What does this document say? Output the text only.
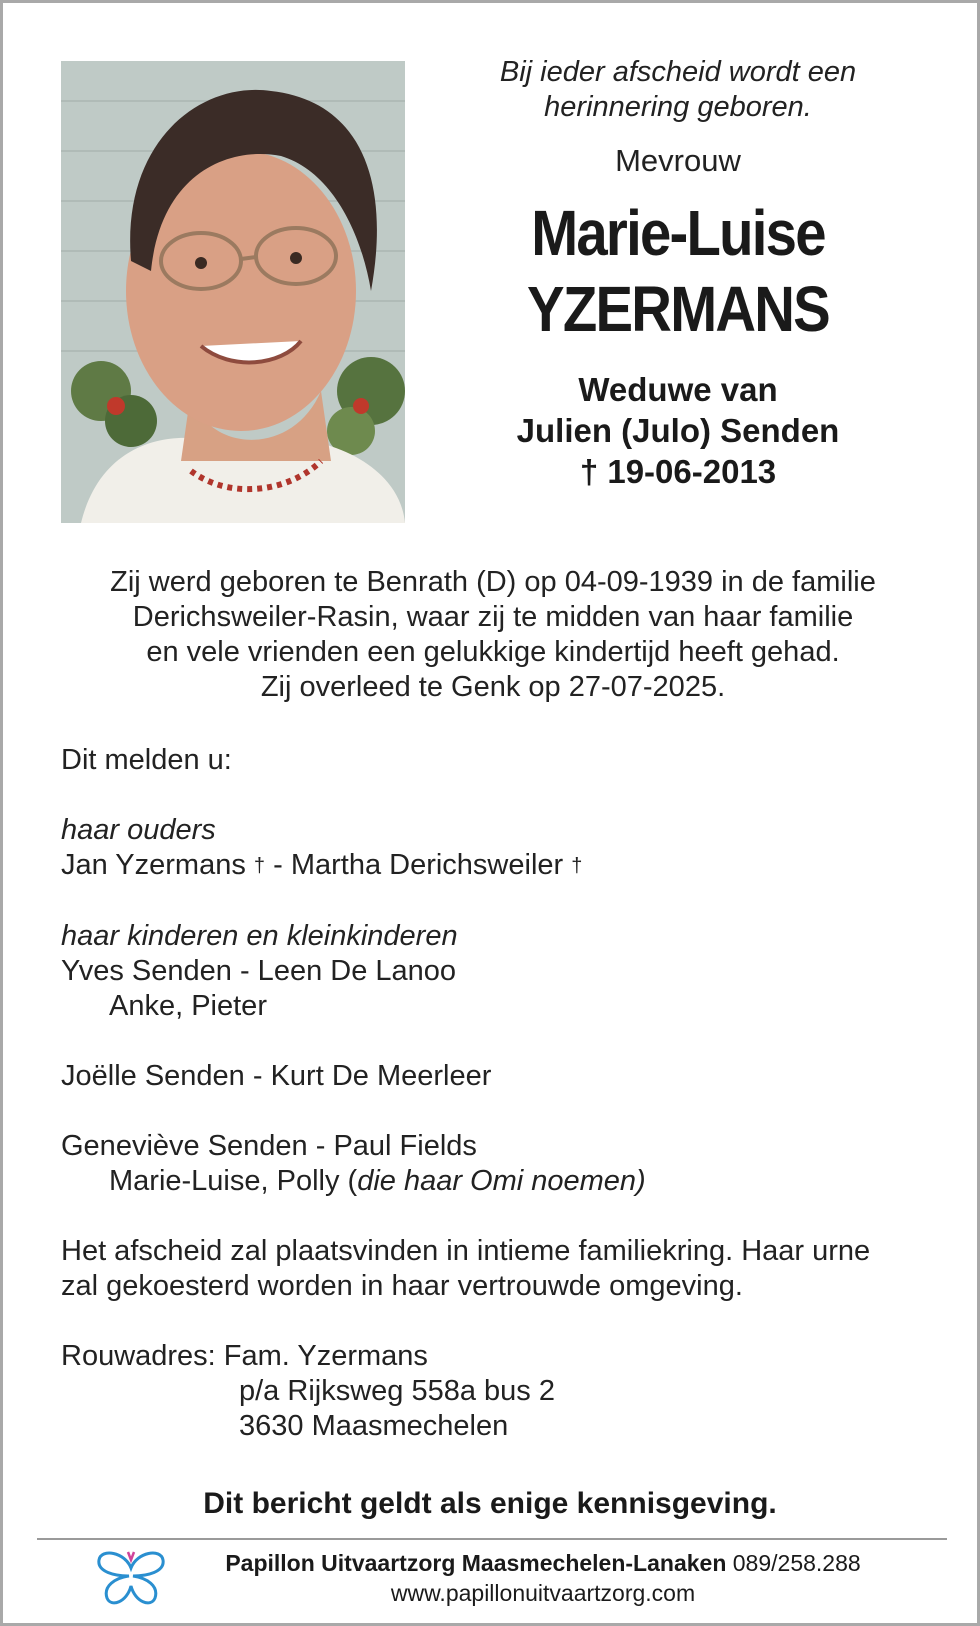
Bij ieder afscheid wordt een
herinnering geboren.
Mevrouw
Marie-Luise
YZERMANS
Weduwe van
Julien (Julo) Senden
† 19-06-2013
Zij werd geboren te Benrath (D) op 04-09-1939 in de familie
Derichsweiler-Rasin, waar zij te midden van haar familie
en vele vrienden een gelukkige kindertijd heeft gehad.
Zij overleed te Genk op 27-07-2025.
Dit melden u:
haar ouders
Jan Yzermans † - Martha Derichsweiler †
haar kinderen en kleinkinderen
Yves Senden - Leen De Lanoo
Anke, Pieter
Joëlle Senden - Kurt De Meerleer
Geneviève Senden - Paul Fields
Marie-Luise, Polly (die haar Omi noemen)
Het afscheid zal plaatsvinden in intieme familiekring. Haar urne
zal gekoesterd worden in haar vertrouwde omgeving.
Rouwadres: Fam. Yzermans
p/a Rijksweg 558a bus 2
3630 Maasmechelen
Dit bericht geldt als enige kennisgeving.
Papillon Uitvaartzorg Maasmechelen-Lanaken 089/258.288
www.papillonuitvaartzorg.com
